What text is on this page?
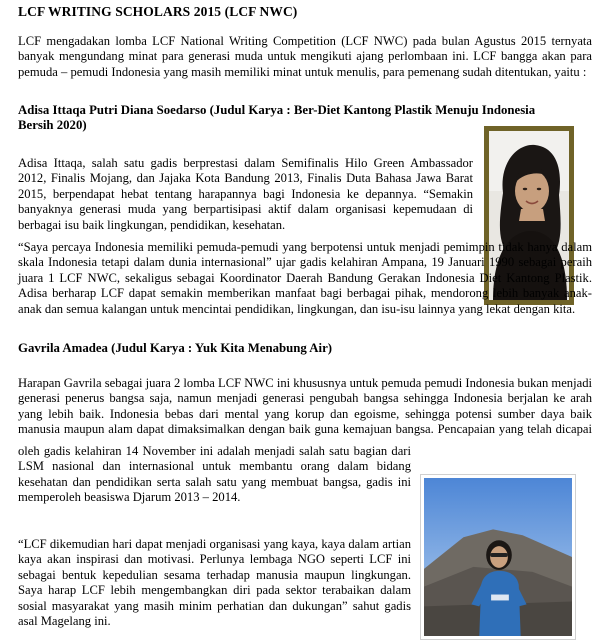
LCF WRITING SCHOLARS 2015 (LCF NWC)

LCF mengadakan lomba LCF National Writing Competition (LCF NWC) pada bulan Agustus 2015 ternyata banyak mengundang minat para generasi muda untuk mengikuti ajang perlombaan ini. LCF bangga akan para pemuda – pemudi Indonesia yang masih memiliki minat untuk menulis, para pemenang sudah ditentukan, yaitu :

Adisa Ittaqa Putri Diana Soedarso (Judul Karya : Ber-Diet Kantong Plastik Menuju Indonesia Bersih 2020)

Adisa Ittaqa, salah satu gadis berprestasi dalam Semifinalis Hilo Green Ambassador 2012, Finalis Mojang, dan Jajaka Kota Bandung 2013, Finalis Duta Bahasa Jawa Barat 2015, berpendapat hebat tentang harapannya bagi Indonesia ke depannya. “Semakin banyaknya generasi muda yang berpartisipasi aktif dalam organisasi kepemudaan di berbagai isu baik lingkungan, pendidikan, kesehatan.

“Saya percaya Indonesia memiliki pemuda-pemudi yang berpotensi untuk menjadi pemimpin tidak hanya dalam skala Indonesia tetapi dalam dunia internasional” ujar gadis kelahiran Ampana, 19 Januari 1990 sebagai peraih juara 1 LCF NWC, sekaligus sebagai Koordinator Daerah Bandung Gerakan Indonesia Diet Kantong Plastik. Adisa berharap LCF dapat semakin memberikan manfaat bagi berbagai pihak, mendorong lebih banyak anak-anak dan semua kalangan untuk mencintai pendidikan, lingkungan, dan isu-isu lainnya yang lekat dengan kita.

Gavrila Amadea (Judul Karya : Yuk Kita Menabung Air)

Harapan Gavrila sebagai juara 2 lomba LCF NWC ini khususnya untuk pemuda pemudi Indonesia bukan menjadi generasi penerus bangsa saja, namun menjadi generasi pengubah bangsa sehingga Indonesia berjalan ke arah yang lebih baik. Indonesia bebas dari mental yang korup dan egoisme, sehingga potensi sumber daya baik manusia maupun alam dapat dimaksimalkan dengan baik guna kemajuan bangsa. Pencapaian yang telah dicapai

oleh gadis kelahiran 14 November ini adalah menjadi salah satu bagian dari LSM nasional dan internasional untuk membantu orang dalam bidang kesehatan dan pendidikan serta salah satu yang membuat bangsa, gadis ini memperoleh beasiswa Djarum 2013 – 2014.

“LCF dikemudian hari dapat menjadi organisasi yang kaya, kaya dalam artian kaya akan inspirasi dan motivasi. Perlunya lembaga NGO seperti LCF ini sebagai bentuk kepedulian sesama terhadap manusia maupun lingkungan. Saya harap LCF lebih mengembangkan diri pada sektor terabaikan dalam sosial masyarakat yang masih minim perhatian dan dukungan” sahut gadis asal Magelang ini.
